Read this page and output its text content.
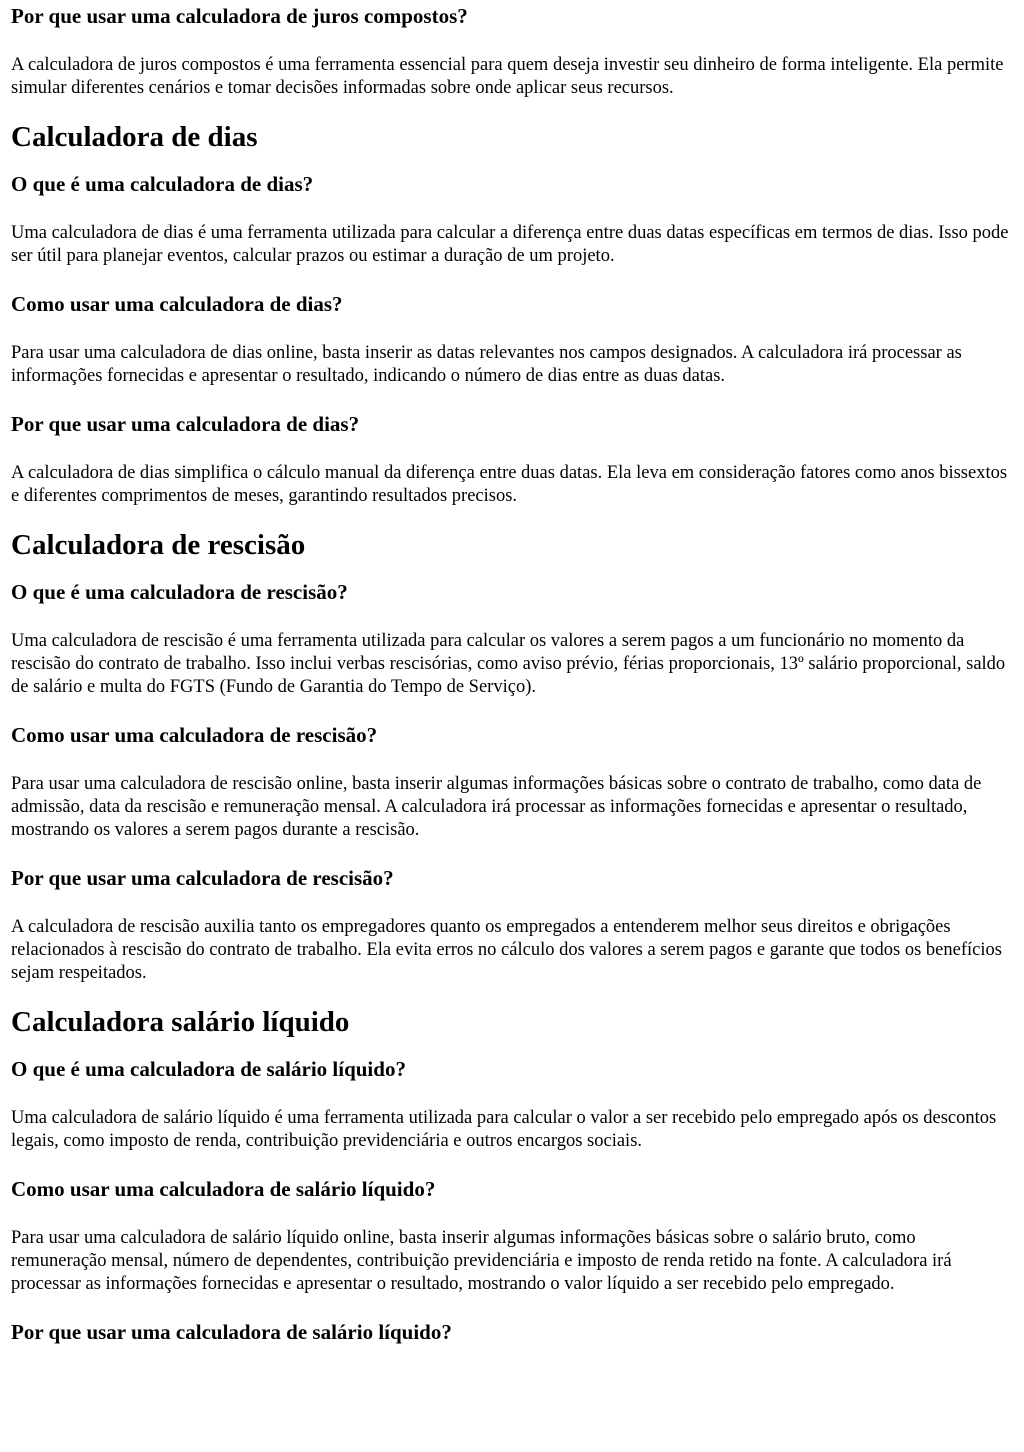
Por que usar uma calculadora de juros compostos?

A calculadora de juros compostos é uma ferramenta essencial para quem deseja investir seu dinheiro de forma inteligente. Ela permite simular diferentes cenários e tomar decisões informadas sobre onde aplicar seus recursos.

Calculadora de dias
O que é uma calculadora de dias?

Uma calculadora de dias é uma ferramenta utilizada para calcular a diferença entre duas datas específicas em termos de dias. Isso pode ser útil para planejar eventos, calcular prazos ou estimar a duração de um projeto.

Como usar uma calculadora de dias?

Para usar uma calculadora de dias online, basta inserir as datas relevantes nos campos designados. A calculadora irá processar as informações fornecidas e apresentar o resultado, indicando o número de dias entre as duas datas.

Por que usar uma calculadora de dias?

A calculadora de dias simplifica o cálculo manual da diferença entre duas datas. Ela leva em consideração fatores como anos bissextos e diferentes comprimentos de meses, garantindo resultados precisos.

Calculadora de rescisão
O que é uma calculadora de rescisão?

Uma calculadora de rescisão é uma ferramenta utilizada para calcular os valores a serem pagos a um funcionário no momento da rescisão do contrato de trabalho. Isso inclui verbas rescisórias, como aviso prévio, férias proporcionais, 13º salário proporcional, saldo de salário e multa do FGTS (Fundo de Garantia do Tempo de Serviço).

Como usar uma calculadora de rescisão?

Para usar uma calculadora de rescisão online, basta inserir algumas informações básicas sobre o contrato de trabalho, como data de admissão, data da rescisão e remuneração mensal. A calculadora irá processar as informações fornecidas e apresentar o resultado, mostrando os valores a serem pagos durante a rescisão.

Por que usar uma calculadora de rescisão?

A calculadora de rescisão auxilia tanto os empregadores quanto os empregados a entenderem melhor seus direitos e obrigações relacionados à rescisão do contrato de trabalho. Ela evita erros no cálculo dos valores a serem pagos e garante que todos os benefícios sejam respeitados.

Calculadora salário líquido
O que é uma calculadora de salário líquido?

Uma calculadora de salário líquido é uma ferramenta utilizada para calcular o valor a ser recebido pelo empregado após os descontos legais, como imposto de renda, contribuição previdenciária e outros encargos sociais.

Como usar uma calculadora de salário líquido?

Para usar uma calculadora de salário líquido online, basta inserir algumas informações básicas sobre o salário bruto, como remuneração mensal, número de dependentes, contribuição previdenciária e imposto de renda retido na fonte. A calculadora irá processar as informações fornecidas e apresentar o resultado, mostrando o valor líquido a ser recebido pelo empregado.

Por que usar uma calculadora de salário líquido?
